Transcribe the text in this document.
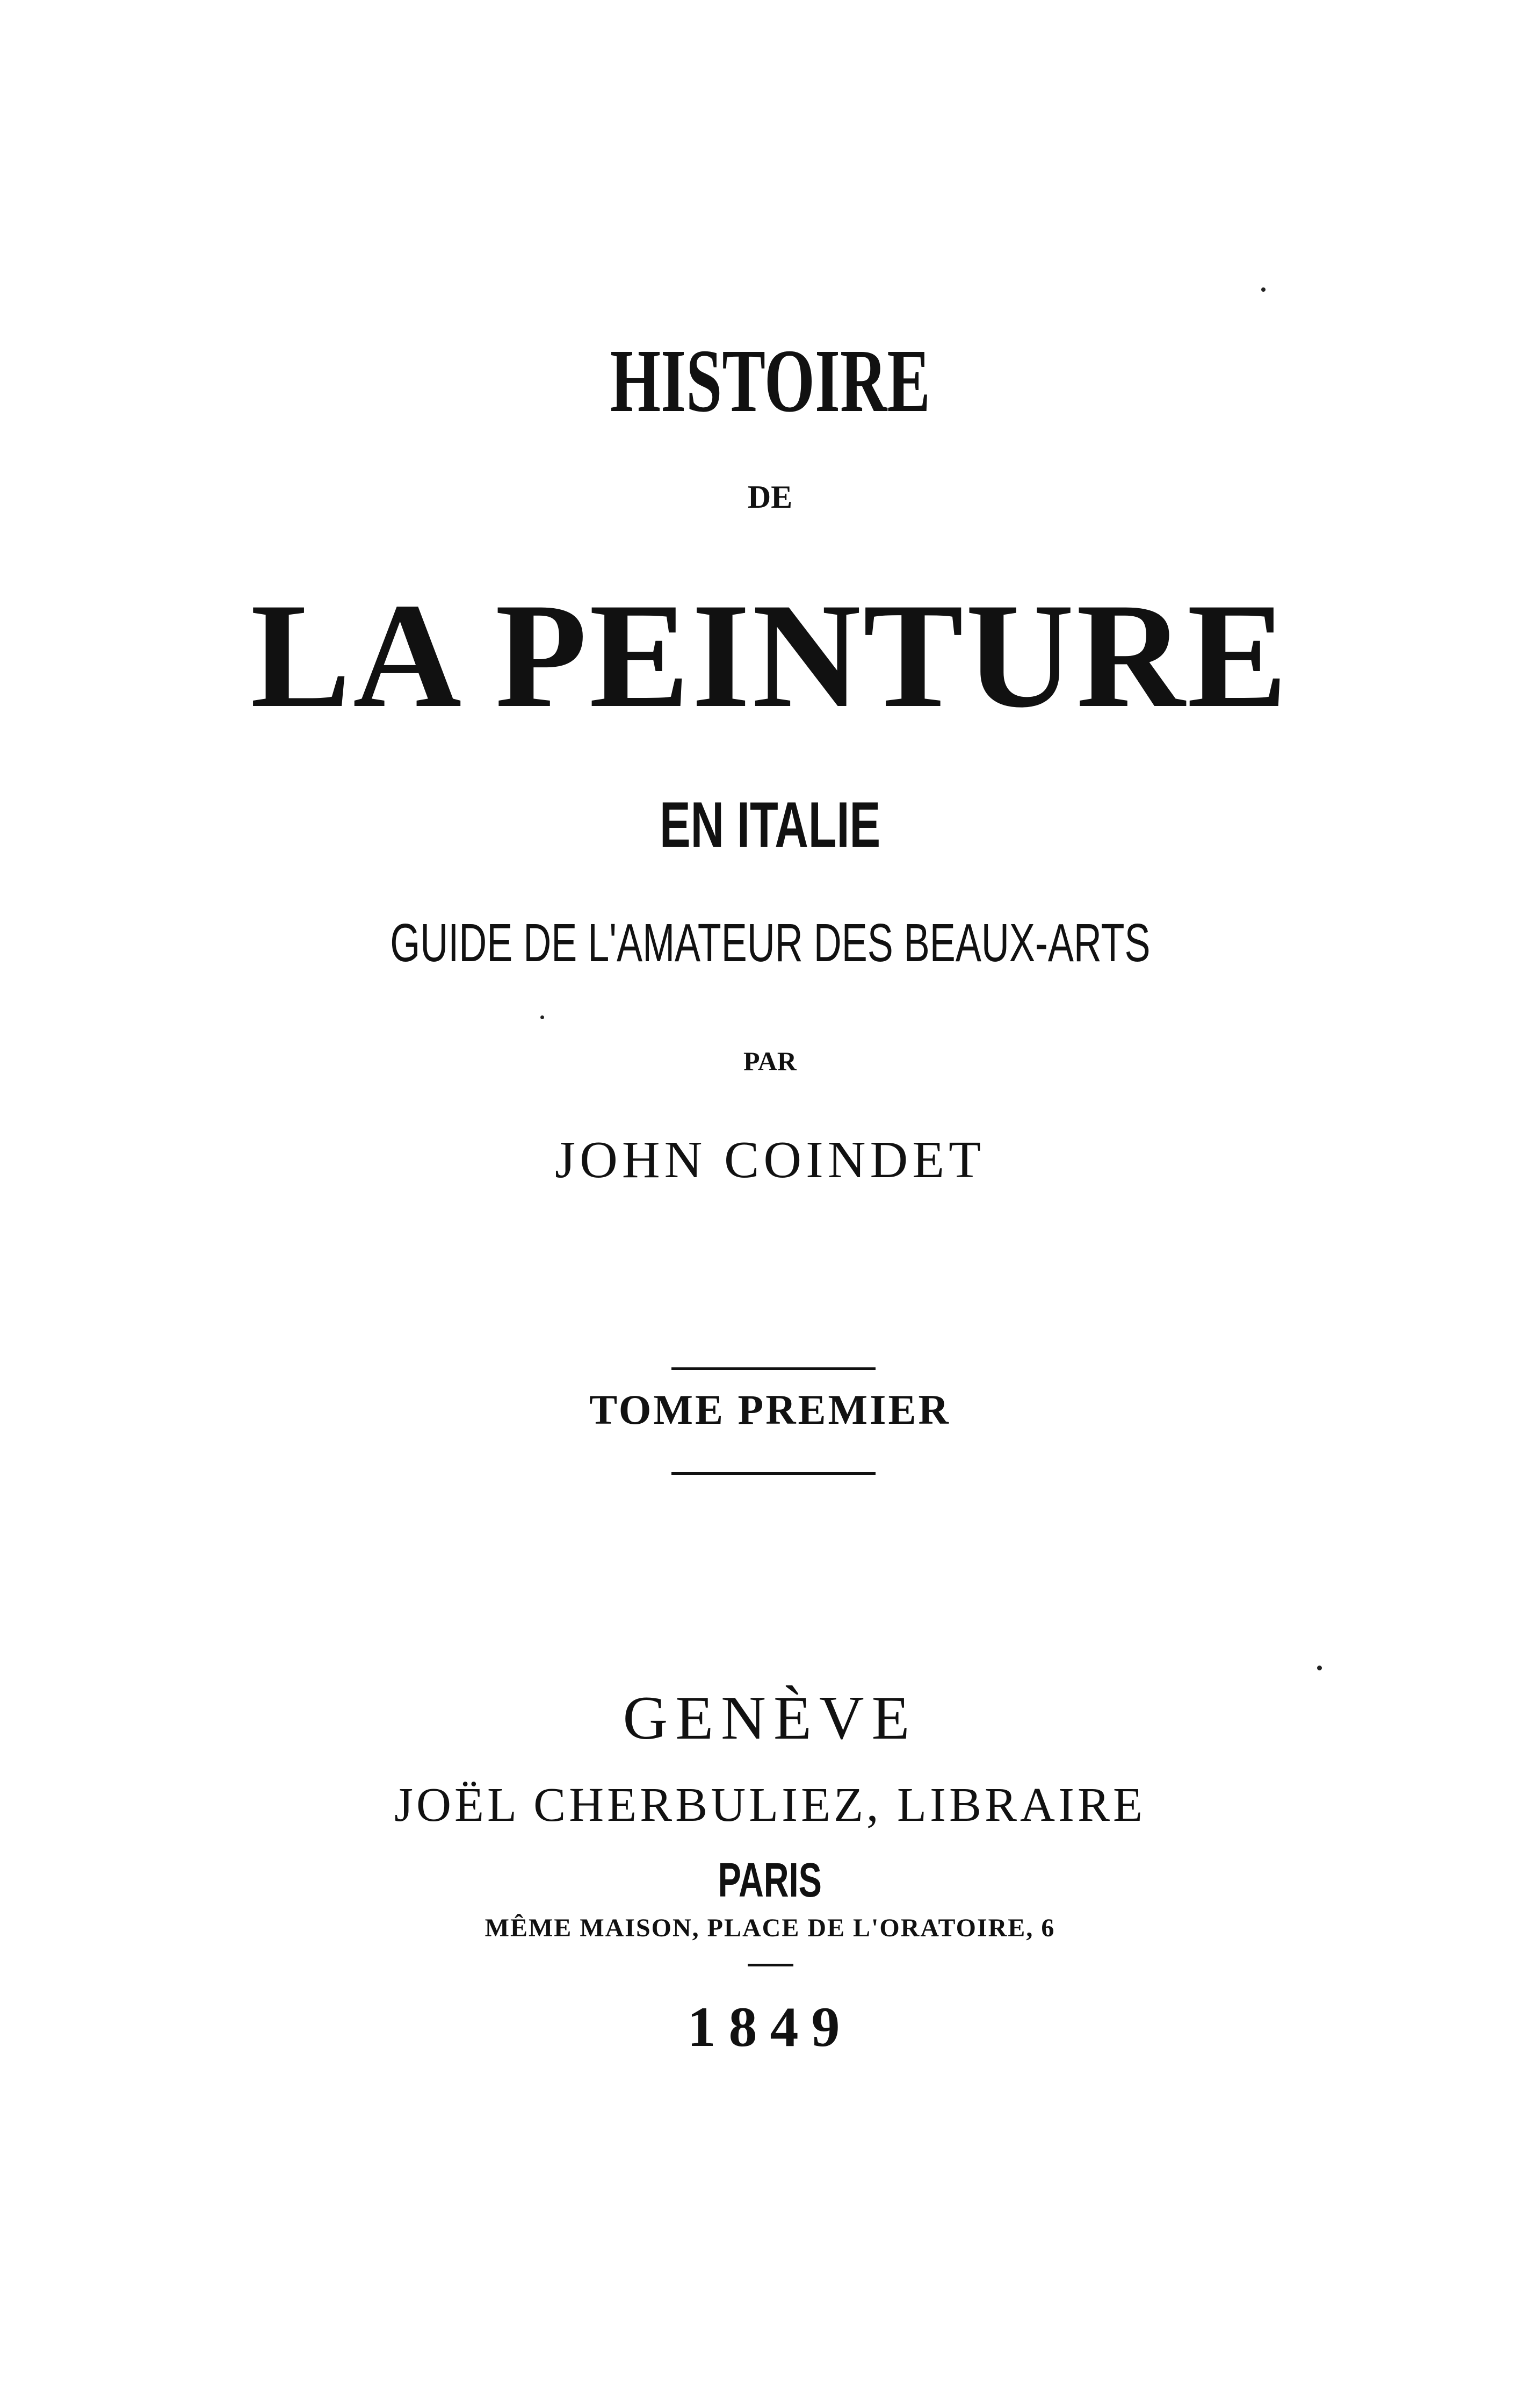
HISTOIRE
DE
LA PEINTURE
EN ITALIE
GUIDE DE L'AMATEUR DES BEAUX-ARTS
PAR
JOHN COINDET
TOME PREMIER
GENÈVE
JOËL CHERBULIEZ, LIBRAIRE
PARIS
MÊME MAISON, PLACE DE L'ORATOIRE, 6
1849
